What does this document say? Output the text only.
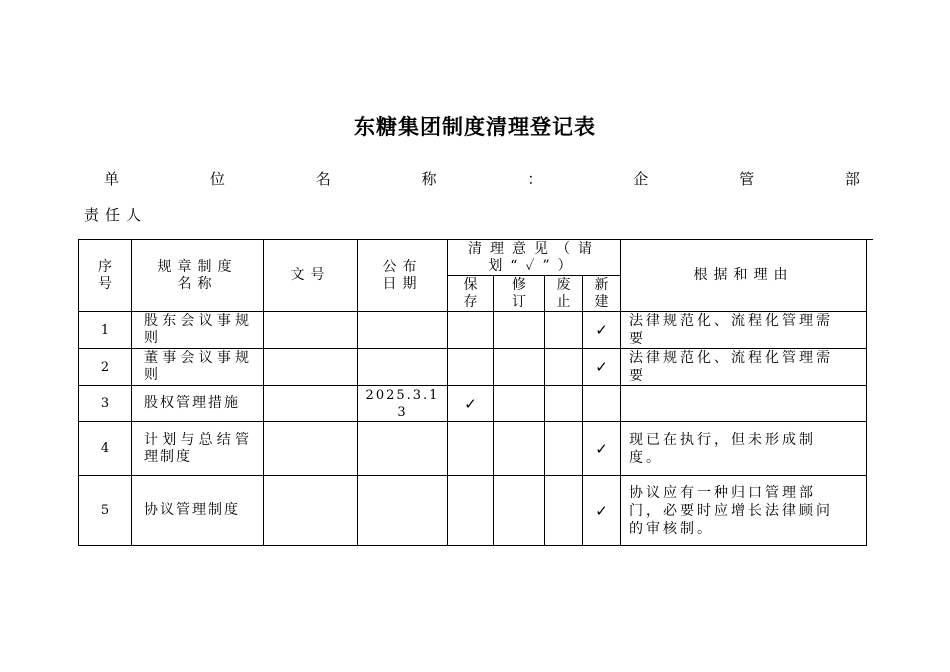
东糖集团制度清理登记表
单	位	名	称	：	企	管	部
责任人
序号	规章制度名称	文号	公布日期	清理意见（请划“✓”）				根据和理由	

				保存	修订	废止	新建		

1	股东会议事规则						✓	法律规范化、流程化管理需要	
2	董事会议事规则						✓	法律规范化、流程化管理需要	
3	股权管理措施		2025.3.13	✓					
4	计划与总结管理制度						✓	现已在执行，但未形成制度。	
5	协议管理制度						✓	协议应有一种归口管理部门，必要时应增长法律顾问的审核制。	
